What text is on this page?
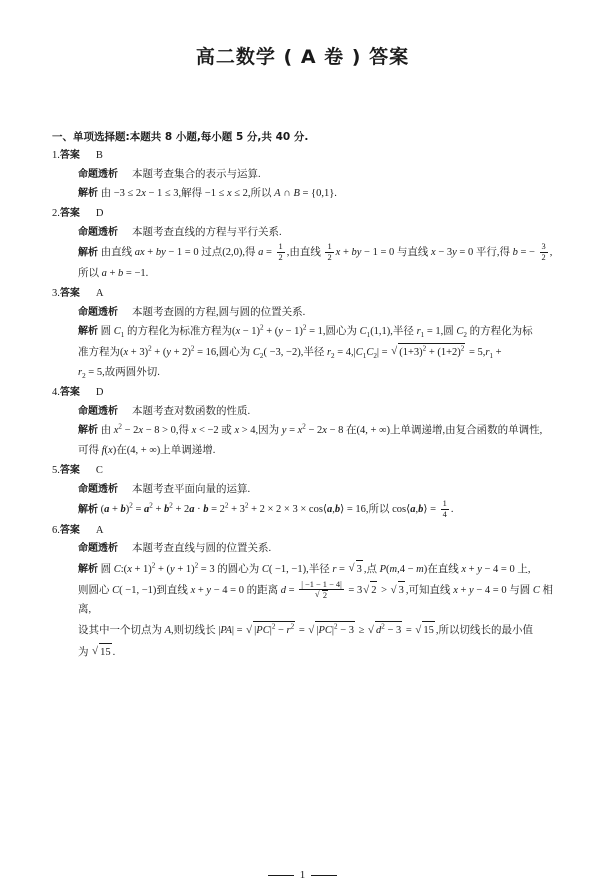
高二数学 ( A 卷 ) 答案
一、单项选择题:本题共 8 小题,每小题 5 分,共 40 分.
1.答案 B
命题透析 本题考查集合的表示与运算.
解析 由 −3 ≤ 2x − 1 ≤ 3,解得 −1 ≤ x ≤ 2,所以 A ∩ B = {0,1}.
2.答案 D
命题透析 本题考查直线的方程与平行关系.
解析 由直线 ax + by − 1 = 0 过点(2,0),得 $a = \frac{1}{2}$ ,由直线 $\frac{1}{2}$ x + by − 1 = 0 与直线 x − 3y = 0 平行,得 b = − $\frac{3}{2}$ ,
所以 a + b = −1.
3.答案 A
命题透析 本题考查圆的方程,圆与圆的位置关系.
解析 圆 $C_1$ 的方程化为标准方程为$(x - 1)^2 + (y - 1)^2 = 1$,圆心为 $C_1(1,1)$,半径 $r_1 = 1$,圆 $C_2$ 的方程化为标
准方程为$(x + 3)^2 + (y + 2)^2 = 16$,圆心为 $C_2( -3$, −2),半径 $r_2 = 4,|C_1C_2|$ = √ $(1+3)^2 + (1+2)^2 = 5,r_1$ +
$r_2 = 5$,故两圆外切.
4.答案 D
命题透析 本题考查对数函数的性质.
解析 由 $x^2 - 2x - 8 > 0$,得 x < −2 或 x > 4,因为 $y = x^2 - 2x - 8$ 在(4, + ∞)上单调递增,由复合函数的单调性,
可得 f(x)在(4, + ∞)上单调递增.
5.答案 C
命题透析 本题考查平面向量的运算.
解析 $(a + b)^2 = a^2 + b^2 + 2a \cdot b = 2^2 + 3^2 + 2 \times 2 \times 3$ × cos⟨a,b⟩ = 16,所以 cos⟨a,b⟩ = $\frac{1}{4}$ .
6.答案 A
命题透析 本题考查直线与圆的位置关系.
解析 圆 C:(x + $1)^2 + (y + 1)^2 = 3$ 的圆心为 C( −1, −1),半径 r = √ 3 ,点 P(m,4 − m)在直线 x + y − 4 = 0 上,
则圆心 C( −1, −1)到直线 x + y − 4 = 0 的距离 d = | −1 − 1 − 4|
√ 2 = 3 √ 2 > √ 3 ,可知直线 x + y − 4 = 0 与圆 C 相离,
设其中一个切点为 A,则切线长 |PA| = √ $|PC|^2 - r^2$ = √ $|PC|^2 - 3$ ≥ √ $d^2 - 3$ = √ 15 ,所以切线长的最小值
为 √ 15 .
1
